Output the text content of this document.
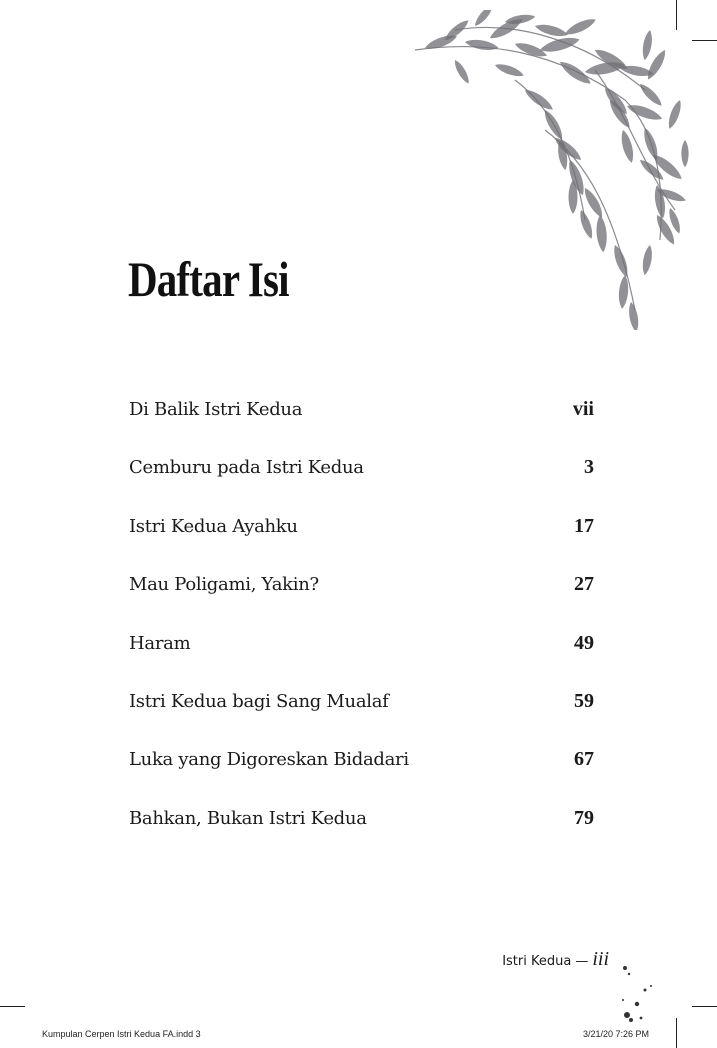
Daftar Isi
Di Balik Istri Kedua	vii
Cemburu pada Istri Kedua	3
Istri Kedua Ayahku	17
Mau Poligami, Yakin?	27
Haram	49
Istri Kedua bagi Sang Mualaf	59
Luka yang Digoreskan Bidadari	67
Bahkan, Bukan Istri Kedua	79
Istri Kedua — iii
Kumpulan Cerpen Istri Kedua FA.indd 3	3/21/20 7:26 PM
